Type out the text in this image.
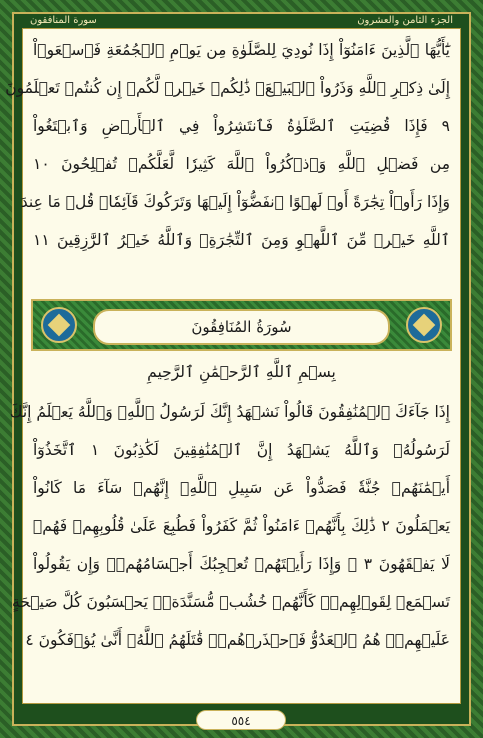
الجزء الثامن والعشرون
سورة المنافقون
يَٰٓأَيُّهَا ٱلَّذِينَ ءَامَنُوٓاْ إِذَا نُودِيَ لِلصَّلَوٰةِ مِن يَوۡمِ ٱلۡجُمُعَةِ فَٱسۡعَوۡاْ
إِلَىٰ ذِكۡرِ ٱللَّهِ وَذَرُواْ ٱلۡبَيۡعَۚ ذَٰلِكُمۡ خَيۡرٞ لَّكُمۡ إِن كُنتُمۡ تَعۡلَمُونَ
٩ فَإِذَا قُضِيَتِ ٱلصَّلَوٰةُ فَٱنتَشِرُواْ فِي ٱلۡأَرۡضِ وَٱبۡتَغُواْ
مِن فَضۡلِ ٱللَّهِ وَٱذۡكُرُواْ ٱللَّهَ كَثِيرٗا لَّعَلَّكُمۡ تُفۡلِحُونَ ١٠
وَإِذَا رَأَوۡاْ تِجَٰرَةً أَوۡ لَهۡوًا ٱنفَضُّوٓاْ إِلَيۡهَا وَتَرَكُوكَ قَآئِمٗاۚ قُلۡ مَا عِندَ
ٱللَّهِ خَيۡرٞ مِّنَ ٱللَّهۡوِ وَمِنَ ٱلتِّجَٰرَةِۚ وَٱللَّهُ خَيۡرُ ٱلرَّٰزِقِينَ ١١
سُورَةُ المُنَافِقُونَ
بِسۡمِ ٱللَّهِ ٱلرَّحۡمَٰنِ ٱلرَّحِيمِ
إِذَا جَآءَكَ ٱلۡمُنَٰفِقُونَ قَالُواْ نَشۡهَدُ إِنَّكَ لَرَسُولُ ٱللَّهِۗ وَٱللَّهُ يَعۡلَمُ إِنَّكَ
لَرَسُولُهُۥ وَٱللَّهُ يَشۡهَدُ إِنَّ ٱلۡمُنَٰفِقِينَ لَكَٰذِبُونَ ١ ٱتَّخَذُوٓاْ
أَيۡمَٰنَهُمۡ جُنَّةٗ فَصَدُّواْ عَن سَبِيلِ ٱللَّهِۚ إِنَّهُمۡ سَآءَ مَا كَانُواْ
يَعۡمَلُونَ ٢ ذَٰلِكَ بِأَنَّهُمۡ ءَامَنُواْ ثُمَّ كَفَرُواْ فَطُبِعَ عَلَىٰ قُلُوبِهِمۡ فَهُمۡ
لَا يَفۡقَهُونَ ٣ ۞ وَإِذَا رَأَيۡتَهُمۡ تُعۡجِبُكَ أَجۡسَامُهُمۡۖ وَإِن يَقُولُواْ
تَسۡمَعۡ لِقَوۡلِهِمۡۖ كَأَنَّهُمۡ خُشُبٞ مُّسَنَّدَةٞۖ يَحۡسَبُونَ كُلَّ صَيۡحَةٍ
عَلَيۡهِمۡۚ هُمُ ٱلۡعَدُوُّ فَٱحۡذَرۡهُمۡۚ قَٰتَلَهُمُ ٱللَّهُۖ أَنَّىٰ يُؤۡفَكُونَ ٤
٥٥٤
